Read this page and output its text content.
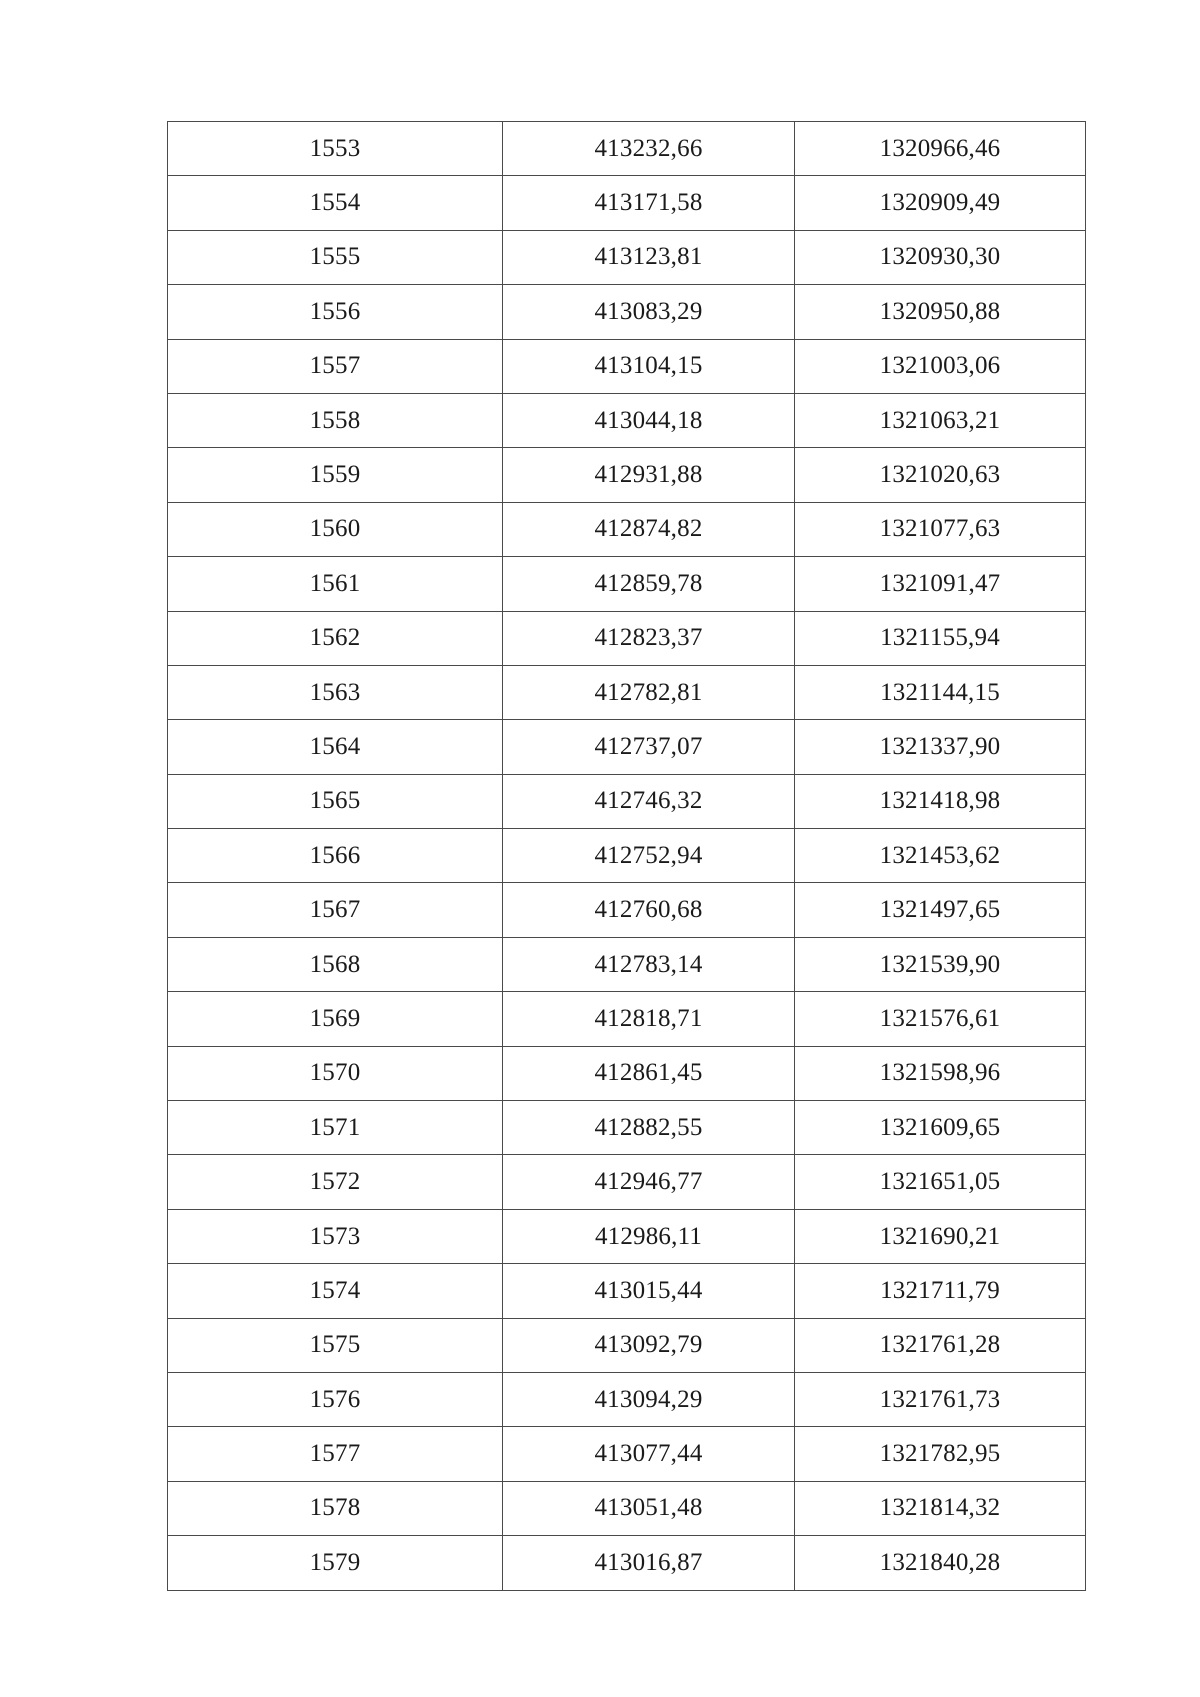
1553	413232,66	1320966,46
1554	413171,58	1320909,49
1555	413123,81	1320930,30
1556	413083,29	1320950,88
1557	413104,15	1321003,06
1558	413044,18	1321063,21
1559	412931,88	1321020,63
1560	412874,82	1321077,63
1561	412859,78	1321091,47
1562	412823,37	1321155,94
1563	412782,81	1321144,15
1564	412737,07	1321337,90
1565	412746,32	1321418,98
1566	412752,94	1321453,62
1567	412760,68	1321497,65
1568	412783,14	1321539,90
1569	412818,71	1321576,61
1570	412861,45	1321598,96
1571	412882,55	1321609,65
1572	412946,77	1321651,05
1573	412986,11	1321690,21
1574	413015,44	1321711,79
1575	413092,79	1321761,28
1576	413094,29	1321761,73
1577	413077,44	1321782,95
1578	413051,48	1321814,32
1579	413016,87	1321840,28
